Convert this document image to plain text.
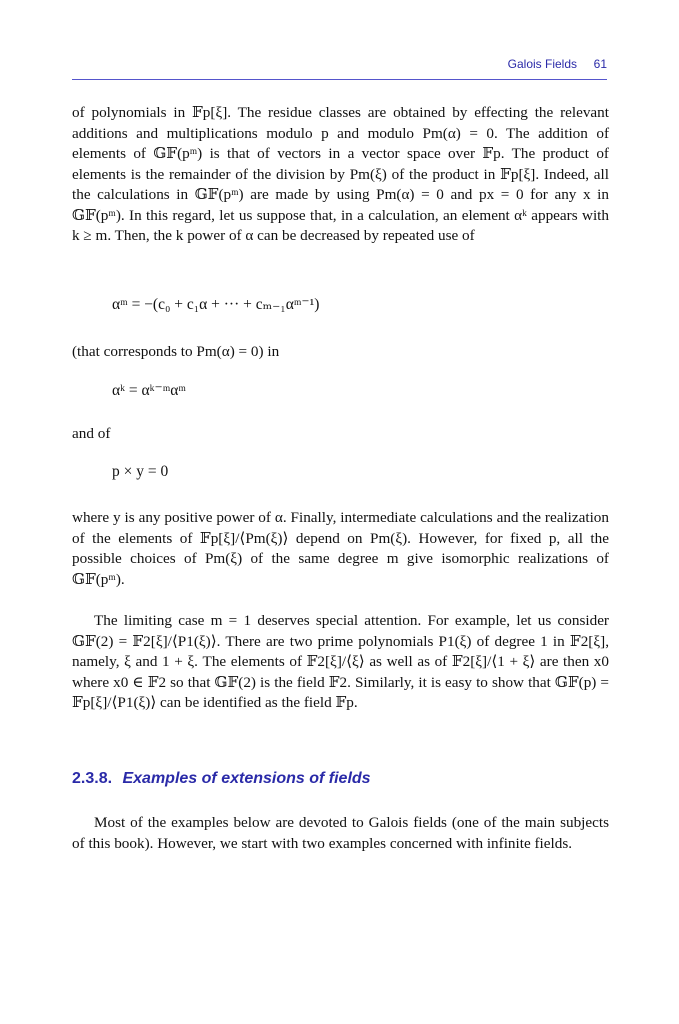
Galois Fields 61

of polynomials in 𝔽p[ξ]. The residue classes are obtained by effecting the relevant additions and multiplications modulo p and modulo Pm(α) = 0. The addition of elements of 𝔾𝔽(pᵐ) is that of vectors in a vector space over 𝔽p. The product of elements is the remainder of the division by Pm(ξ) of the product in 𝔽p[ξ]. Indeed, all the calculations in 𝔾𝔽(pᵐ) are made by using Pm(α) = 0 and px = 0 for any x in 𝔾𝔽(pᵐ). In this regard, let us suppose that, in a calculation, an element αᵏ appears with k ≥ m. Then, the k power of α can be decreased by repeated use of

αᵐ = −(c₀ + c₁α + ··· + cₘ₋₁αᵐ⁻¹)

(that corresponds to Pm(α) = 0) in

αᵏ = αᵏ⁻ᵐαᵐ

and of

p × y = 0

where y is any positive power of α. Finally, intermediate calculations and the realization of the elements of 𝔽p[ξ]/⟨Pm(ξ)⟩ depend on Pm(ξ). However, for fixed p, all the possible choices of Pm(ξ) of the same degree m give isomorphic realizations of 𝔾𝔽(pᵐ).

The limiting case m = 1 deserves special attention. For example, let us consider 𝔾𝔽(2) = 𝔽2[ξ]/⟨P1(ξ)⟩. There are two prime polynomials P1(ξ) of degree 1 in 𝔽2[ξ], namely, ξ and 1 + ξ. The elements of 𝔽2[ξ]/⟨ξ⟩ as well as of 𝔽2[ξ]/⟨1 + ξ⟩ are then x0 where x0 ∈ 𝔽2 so that 𝔾𝔽(2) is the field 𝔽2. Similarly, it is easy to show that 𝔾𝔽(p) = 𝔽p[ξ]/⟨P1(ξ)⟩ can be identified as the field 𝔽p.

2.3.8. Examples of extensions of fields

Most of the examples below are devoted to Galois fields (one of the main subjects of this book). However, we start with two examples concerned with infinite fields.
